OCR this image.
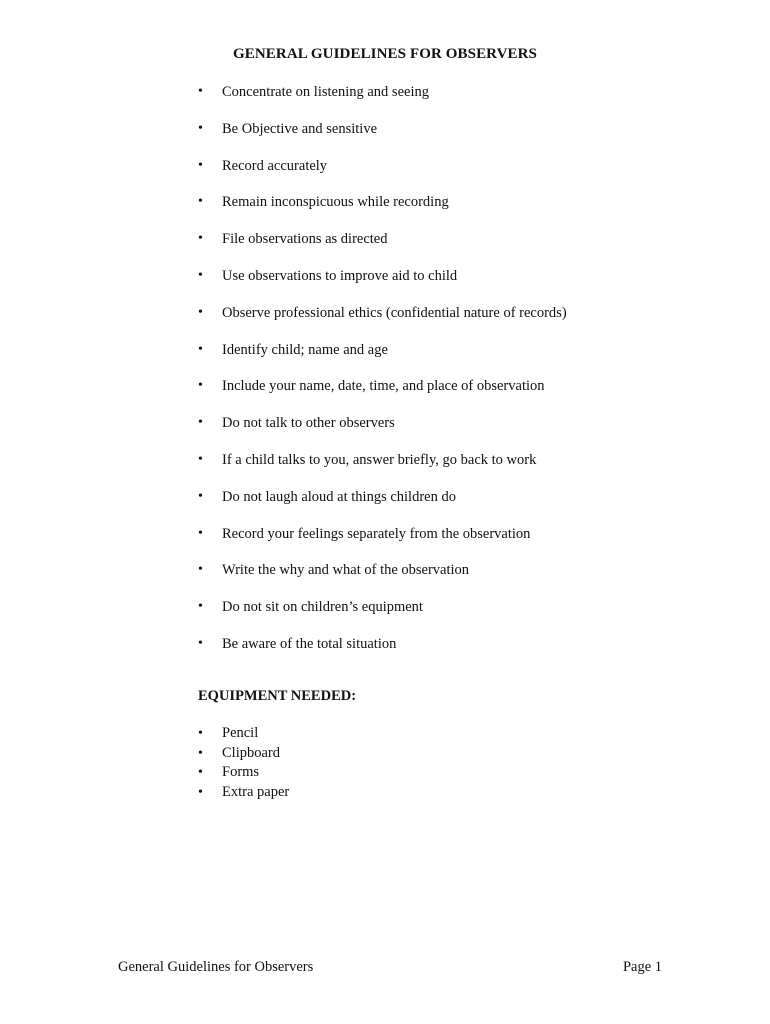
GENERAL GUIDELINES FOR OBSERVERS
• Concentrate on listening and seeing
• Be Objective and sensitive
• Record accurately
• Remain inconspicuous while recording
• File observations as directed
• Use observations to improve aid to child
• Observe professional ethics (confidential nature of records)
• Identify child; name and age
• Include your name, date, time, and place of observation
• Do not talk to other observers
• If a child talks to you, answer briefly, go back to work
• Do not laugh aloud at things children do
• Record your feelings separately from the observation
• Write the why and what of the observation
• Do not sit on children’s equipment
• Be aware of the total situation
EQUIPMENT NEEDED:
• Pencil
• Clipboard
• Forms
• Extra paper
General Guidelines for Observers	Page 1
